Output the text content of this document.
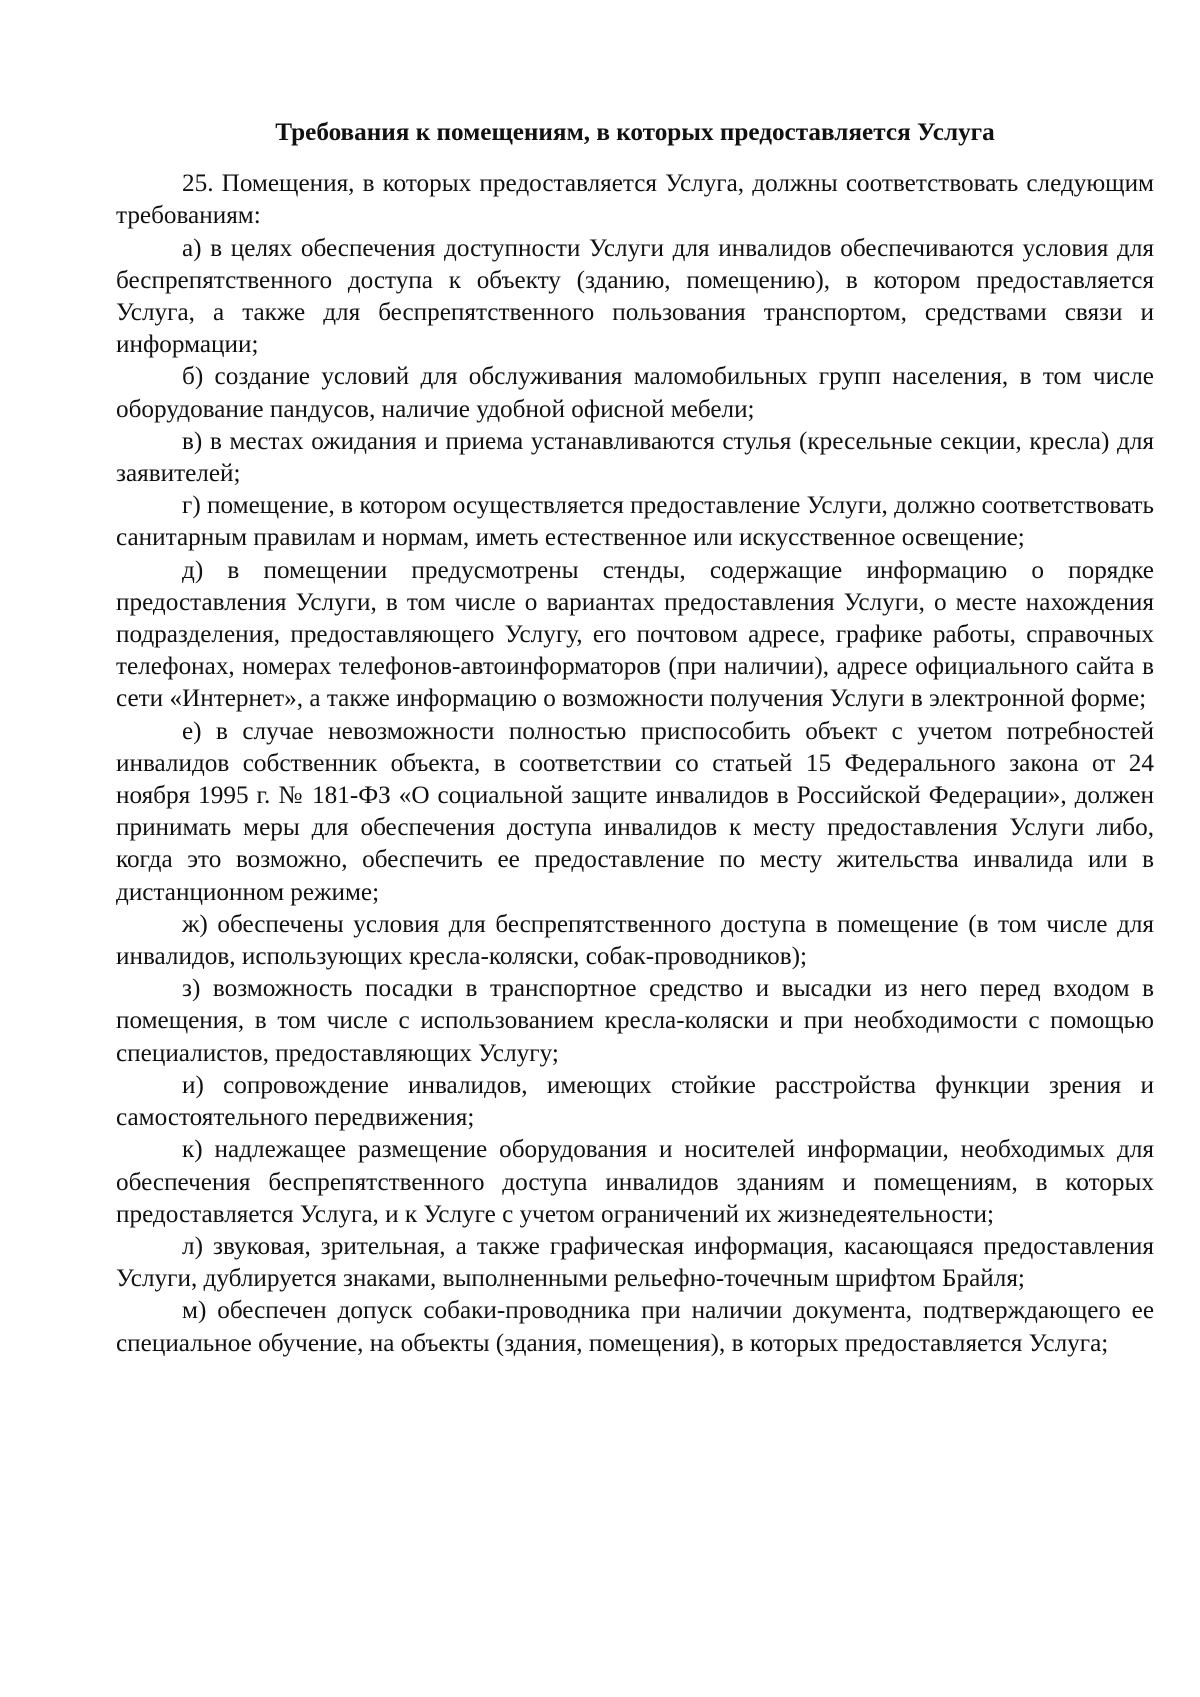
Требования к помещениям, в которых предоставляется Услуга

25. Помещения, в которых предоставляется Услуга, должны соответствовать следующим требованиям:

а) в целях обеспечения доступности Услуги для инвалидов обеспечиваются условия для беспрепятственного доступа к объекту (зданию, помещению), в котором предоставляется Услуга, а также для беспрепятственного пользования транспортом, средствами связи и информации;

б) создание условий для обслуживания маломобильных групп населения, в том числе оборудование пандусов, наличие удобной офисной мебели;

в) в местах ожидания и приема устанавливаются стулья (кресельные секции, кресла) для заявителей;

г) помещение, в котором осуществляется предоставление Услуги, должно соответствовать санитарным правилам и нормам, иметь естественное или искусственное освещение;

д) в помещении предусмотрены стенды, содержащие информацию о порядке предоставления Услуги, в том числе о вариантах предоставления Услуги, о месте нахождения подразделения, предоставляющего Услугу, его почтовом адресе, графике работы, справочных телефонах, номерах телефонов-автоинформаторов (при наличии), адресе официального сайта в сети «Интернет», а также информацию о возможности получения Услуги в электронной форме;

е) в случае невозможности полностью приспособить объект с учетом потребностей инвалидов собственник объекта, в соответствии со статьей 15 Федерального закона от 24 ноября 1995 г. № 181-ФЗ «О социальной защите инвалидов в Российской Федерации», должен принимать меры для обеспечения доступа инвалидов к месту предоставления Услуги либо, когда это возможно, обеспечить ее предоставление по месту жительства инвалида или в дистанционном режиме;

ж) обеспечены условия для беспрепятственного доступа в помещение (в том числе для инвалидов, использующих кресла-коляски, собак-проводников);

з) возможность посадки в транспортное средство и высадки из него перед входом в помещения, в том числе с использованием кресла-коляски и при необходимости с помощью специалистов, предоставляющих Услугу;

и) сопровождение инвалидов, имеющих стойкие расстройства функции зрения и самостоятельного передвижения;

к) надлежащее размещение оборудования и носителей информации, необходимых для обеспечения беспрепятственного доступа инвалидов зданиям и помещениям, в которых предоставляется Услуга, и к Услуге с учетом ограничений их жизнедеятельности;

л) звуковая, зрительная, а также графическая информация, касающаяся предоставления Услуги, дублируется знаками, выполненными рельефно-точечным шрифтом Брайля;

м) обеспечен допуск собаки-проводника при наличии документа, подтверждающего ее специальное обучение, на объекты (здания, помещения), в которых предоставляется Услуга;
